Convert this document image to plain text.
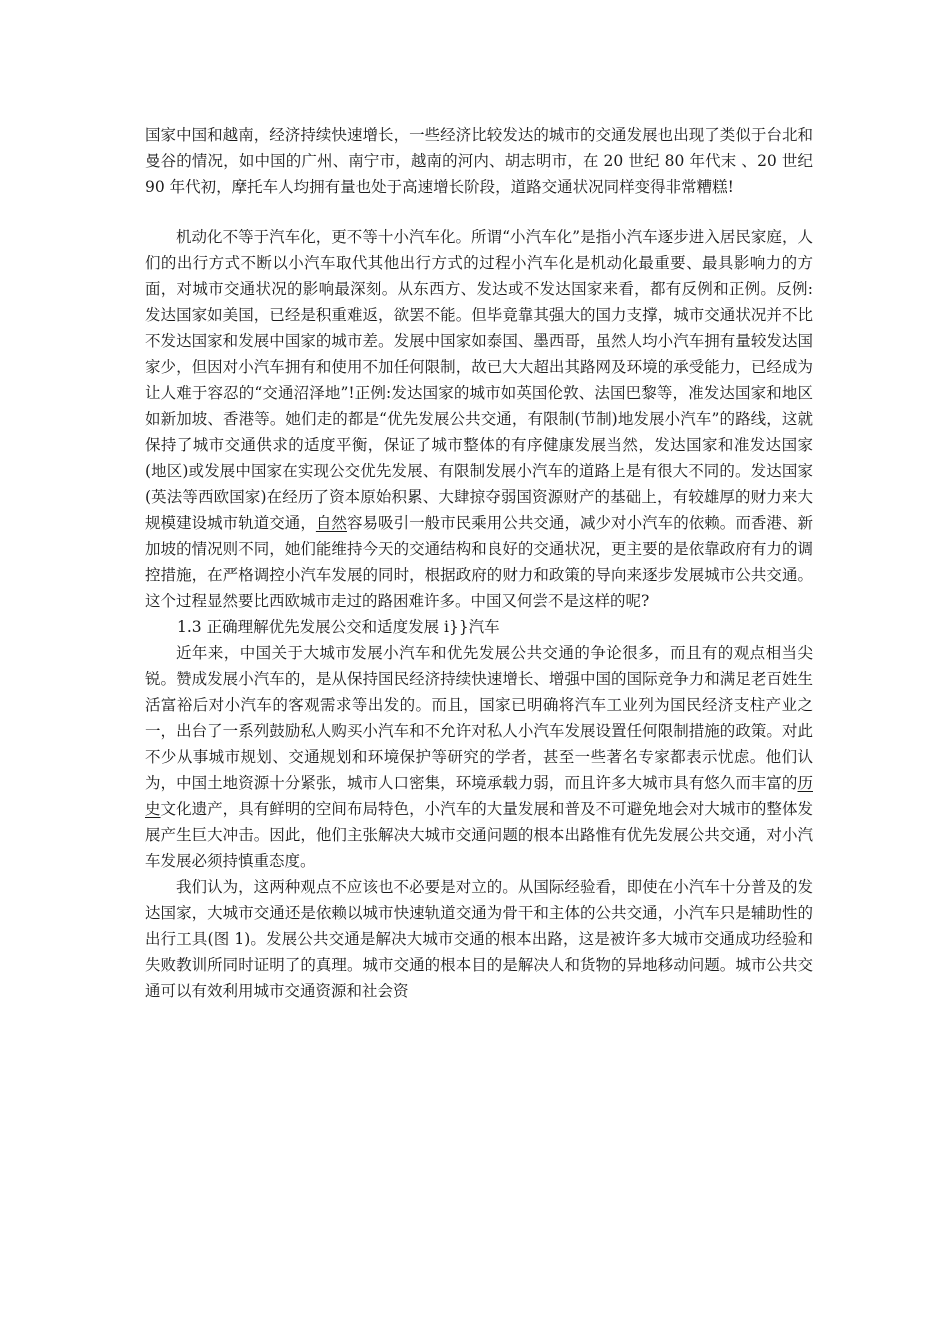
国家中国和越南，经济持续快速增长，一些经济比较发达的城市的交通发展也出现了类似于台北和曼谷的情况，如中国的广州、南宁市，越南的河内、胡志明市，在 20 世纪 80 年代末 、20 世纪 90 年代初，摩托车人均拥有量也处于高速增长阶段，道路交通状况同样变得非常糟糕!

机动化不等于汽车化，更不等十小汽车化。所谓“小汽车化”是指小汽车逐步进入居民家庭，人们的出行方式不断以小汽车取代其他出行方式的过程小汽车化是机动化最重要、最具影响力的方面，对城市交通状况的影响最深刻。从东西方、发达或不发达国家来看，都有反例和正例。反例:发达国家如美国，已经是积重难返，欲罢不能。但毕竟靠其强大的国力支撑，城市交通状况并不比不发达国家和发展中国家的城市差。发展中国家如泰国、墨西哥，虽然人均小汽车拥有量较发达国家少，但因对小汽车拥有和使用不加任何限制，故已大大超出其路网及环境的承受能力，已经成为让人难于容忍的“交通沼泽地”!正例:发达国家的城市如英国伦敦、法国巴黎等，准发达国家和地区如新加坡、香港等。她们走的都是“优先发展公共交通，有限制(节制)地发展小汽车”的路线，这就保持了城市交通供求的适度平衡，保证了城市整体的有序健康发展当然，发达国家和准发达国家(地区)或发展中国家在实现公交优先发展、有限制发展小汽车的道路上是有很大不同的。发达国家(英法等西欧国家)在经历了资本原始积累、大肆掠夺弱国资源财产的基础上，有较雄厚的财力来大规模建设城市轨道交通，自然容易吸引一般市民乘用公共交通，减少对小汽车的依赖。而香港、新加坡的情况则不同，她们能维持今天的交通结构和良好的交通状况，更主要的是依靠政府有力的调控措施，在严格调控小汽车发展的同时，根据政府的财力和政策的导向来逐步发展城市公共交通。这个过程显然要比西欧城市走过的路困难许多。中国又何尝不是这样的呢?

1.3 正确理解优先发展公交和适度发展 i}}汽车

近年来，中国关于大城市发展小汽车和优先发展公共交通的争论很多，而且有的观点相当尖锐。赞成发展小汽车的，是从保持国民经济持续快速增长、增强中国的国际竞争力和满足老百姓生活富裕后对小汽车的客观需求等出发的。而且，国家已明确将汽车工业列为国民经济支柱产业之一，出台了一系列鼓励私人购买小汽车和不允许对私人小汽车发展设置任何限制措施的政策。对此不少从事城市规划、交通规划和环境保护等研究的学者，甚至一些著名专家都表示忧虑。他们认为，中国土地资源十分紧张，城市人口密集，环境承载力弱，而且许多大城市具有悠久而丰富的历史文化遗产，具有鲜明的空间布局特色，小汽车的大量发展和普及不可避免地会对大城市的整体发展产生巨大冲击。因此，他们主张解决大城市交通问题的根本出路惟有优先发展公共交通，对小汽车发展必须持慎重态度。

我们认为，这两种观点不应该也不必要是对立的。从国际经验看，即使在小汽车十分普及的发达国家，大城市交通还是依赖以城市快速轨道交通为骨干和主体的公共交通，小汽车只是辅助性的出行工具(图 1)。发展公共交通是解决大城市交通的根本出路，这是被许多大城市交通成功经验和失败教训所同时证明了的真理。城市交通的根本目的是解决人和货物的异地移动问题。城市公共交通可以有效利用城市交通资源和社会资
